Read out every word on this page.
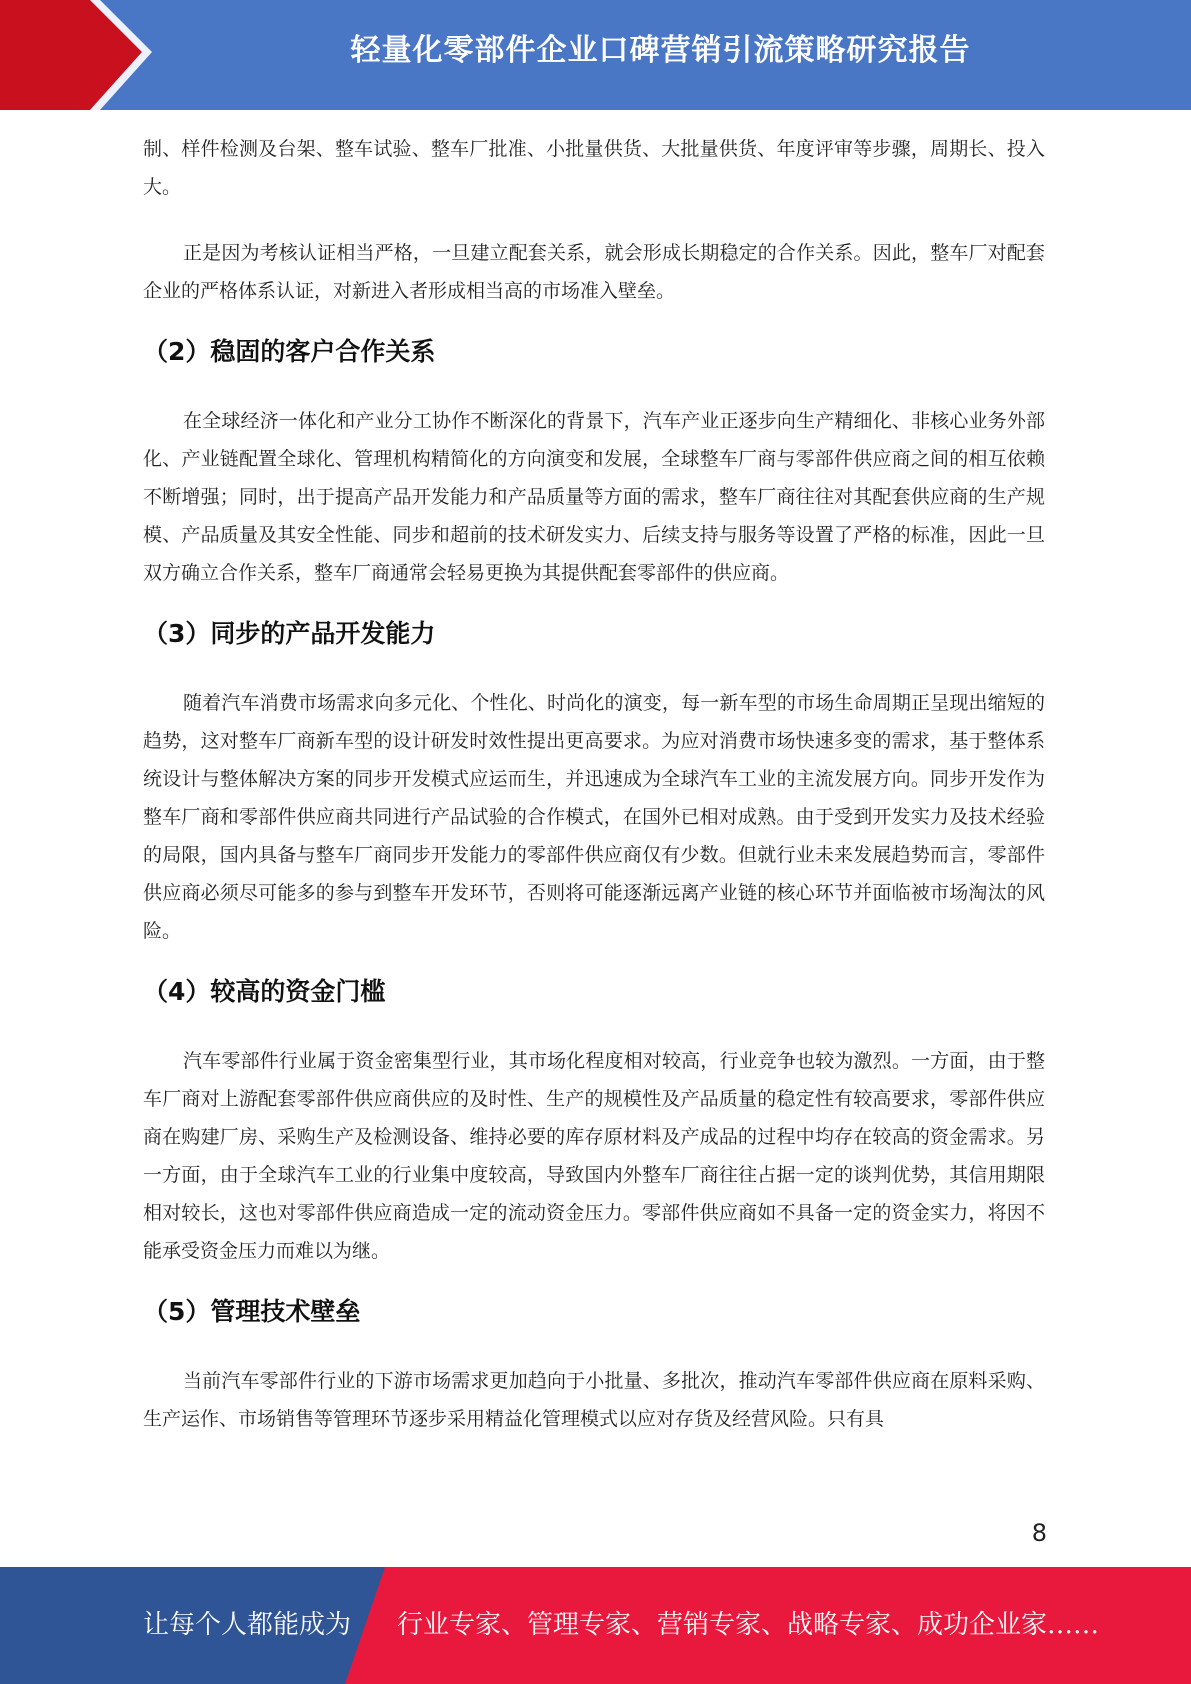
轻量化零部件企业口碑营销引流策略研究报告

制、样件检测及台架、整车试验、整车厂批准、小批量供货、大批量供货、年度评审等步骤，周期长、投入大。

正是因为考核认证相当严格，一旦建立配套关系，就会形成长期稳定的合作关系。因此，整车厂对配套企业的严格体系认证，对新进入者形成相当高的市场准入壁垒。

（2）稳固的客户合作关系

在全球经济一体化和产业分工协作不断深化的背景下，汽车产业正逐步向生产精细化、非核心业务外部化、产业链配置全球化、管理机构精简化的方向演变和发展，全球整车厂商与零部件供应商之间的相互依赖不断增强；同时，出于提高产品开发能力和产品质量等方面的需求，整车厂商往往对其配套供应商的生产规模、产品质量及其安全性能、同步和超前的技术研发实力、后续支持与服务等设置了严格的标准，因此一旦双方确立合作关系，整车厂商通常会轻易更换为其提供配套零部件的供应商。

（3）同步的产品开发能力

随着汽车消费市场需求向多元化、个性化、时尚化的演变，每一新车型的市场生命周期正呈现出缩短的趋势，这对整车厂商新车型的设计研发时效性提出更高要求。为应对消费市场快速多变的需求，基于整体系统设计与整体解决方案的同步开发模式应运而生，并迅速成为全球汽车工业的主流发展方向。同步开发作为整车厂商和零部件供应商共同进行产品试验的合作模式，在国外已相对成熟。由于受到开发实力及技术经验的局限，国内具备与整车厂商同步开发能力的零部件供应商仅有少数。但就行业未来发展趋势而言，零部件供应商必须尽可能多的参与到整车开发环节，否则将可能逐渐远离产业链的核心环节并面临被市场淘汰的风险。

（4）较高的资金门槛

汽车零部件行业属于资金密集型行业，其市场化程度相对较高，行业竞争也较为激烈。一方面，由于整车厂商对上游配套零部件供应商供应的及时性、生产的规模性及产品质量的稳定性有较高要求，零部件供应商在购建厂房、采购生产及检测设备、维持必要的库存原材料及产成品的过程中均存在较高的资金需求。另一方面，由于全球汽车工业的行业集中度较高，导致国内外整车厂商往往占据一定的谈判优势，其信用期限相对较长，这也对零部件供应商造成一定的流动资金压力。零部件供应商如不具备一定的资金实力，将因不能承受资金压力而难以为继。

（5）管理技术壁垒

当前汽车零部件行业的下游市场需求更加趋向于小批量、多批次，推动汽车零部件供应商在原料采购、生产运作、市场销售等管理环节逐步采用精益化管理模式以应对存货及经营风险。只有具

8
让每个人都能成为 行业专家、管理专家、营销专家、战略专家、成功企业家……
